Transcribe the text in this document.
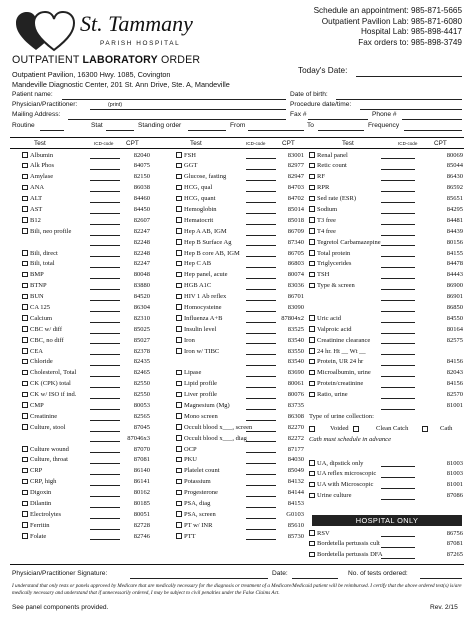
St. Tammany
PARISH HOSPITAL
Schedule an appointment: 985-871-5665
Outpatient Pavilion Lab: 985-871-6080
Hospital Lab: 985-898-4417
Fax orders to: 985-898-3749
OUTPATIENT LABORATORY ORDER
Outpatient Pavilion, 16300 Hwy. 1085, Covington
Mandeville Diagnostic Center, 201 St. Ann Drive, Ste. A, Mandeville
Today's Date:
Patient name:	Date of birth:
Physician/Practitioner:	(print)	Procedure date/time:
Mailing Address:	Fax #	Phone #
Routine	Stat	Standing order	From	To	Frequency
Test	ICD-code CPT	Test	ICD-code	CPT	Test	ICD-code	CPT
Albumin	82040
Alk Phos	84075
Amylase	82150
ANA	86038
ALT	84460
AST	84450
B12	82607
Bili, neo profile	82247
82248
Bili, direct	82248
Bili, total	82247
BMP	80048
BTNP	83880
BUN	84520
CA 125	86304
Calcium	82310
CBC w/ diff	85025
CBC, no diff	85027
CEA	82378
Chloride	82435
Cholesterol, Total	82465
CK (CPK) total	82550
CK w/ ISO if ind.	82550
CMP	80053
Creatinine	82565
Culture, stool	87045
87046x3
Culture wound	87070
Culture, throat	87081
CRP	86140
CRP, high	86141
Digoxin	80162
Dilantin	80185
Electrolytes	80051
Ferritin	82728
Folate	82746
FSH	83001
GGT	82977
Glucose, fasting	82947
HCG, qual	84703
HCG, quant	84702
Hemoglobin	85014
Hematocrit	85018
Hep A AB, IGM	86709
Hep B Surface Ag	87340
Hep B core AB, IGM	86705
Hep C AB	86803
Hep panel, acute	80074
HGB A1C	83036
HIV 1 Ab reflex	86701
Homocysteine	83090
Influenza A+B	87804x2
Insulin level	83525
Iron	83540
Iron w/ TIBC	83550
83540
Lipase	83690
Lipid profile	80061
Liver profile	80076
Magnesium (Mg)	83735
Mono screen	86308
Occult blood x___, screen	82270
Occult blood x___, diag	82272
OCP	87177
PKU	84030
Platelet count	85049
Potassium	84132
Progesterone	84144
PSA, diag	84153
PSA, screen	G0103
PT w/ INR	85610
PTT	85730
Renal panel	80069
Retic count	85044
RF	86430
RPR	86592
Sed rate (ESR)	85651
Sodium	84295
T3 free	84481
T4 free	84439
Tegretol Carbamazepine	80156
Total protein	84155
Triglycerides	84478
TSH	84443
Type & screen	86900
86901
86850
Uric acid	84550
Valproic acid	80164
Creatinine clearance	82575
24 hr. Ht __ Wt __
Protein, UR 24 hr	84156
Microalbumin, urine	82043
Protein/creatinine	84156
Ratio, urine	82570
81001
Type of urine collection:
Voided	Clean Catch	Cath
Cath must schedule in advance
UA, dipstick only	81003
UA reflex microscopic	81003
UA with Microscopic	81001
Urine culture	87086
HOSPITAL ONLY
RSV	86756
Bordetella pertussis cult	87081
Bordetella pertussis DFA	87265
Physician/Practitioner Signature:	Date:	No. of tests ordered:
I understand that only tests or panels approved by Medicare that are medically necessary for the diagnosis or treatment of a Medicare/Medicaid patient will be reimbursed. I certify that the above ordered test(s) is/are medically necessary and understand that if unnecessarily ordered, I may be subject to civil penalties under the False Claims Act.
See panel components provided.	Rev. 2/15
